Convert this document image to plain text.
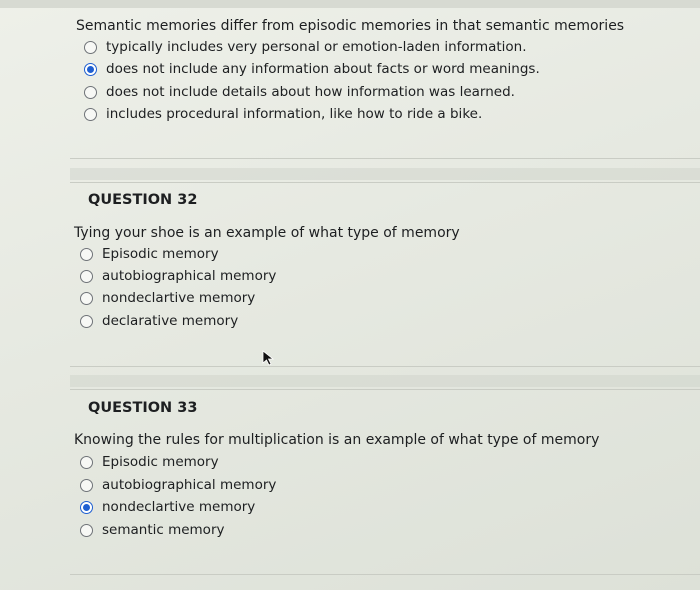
Semantic memories differ from episodic memories in that semantic memories
typically includes very personal or emotion-laden information.
does not include any information about facts or word meanings.
does not include details about how information was learned.
includes procedural information, like how to ride a bike.
QUESTION 32
Tying your shoe is an example of what type of memory
Episodic memory
autobiographical memory
nondeclartive memory
declarative memory
QUESTION 33
Knowing the rules for multiplication is an example of what type of memory
Episodic memory
autobiographical memory
nondeclartive memory
semantic memory
